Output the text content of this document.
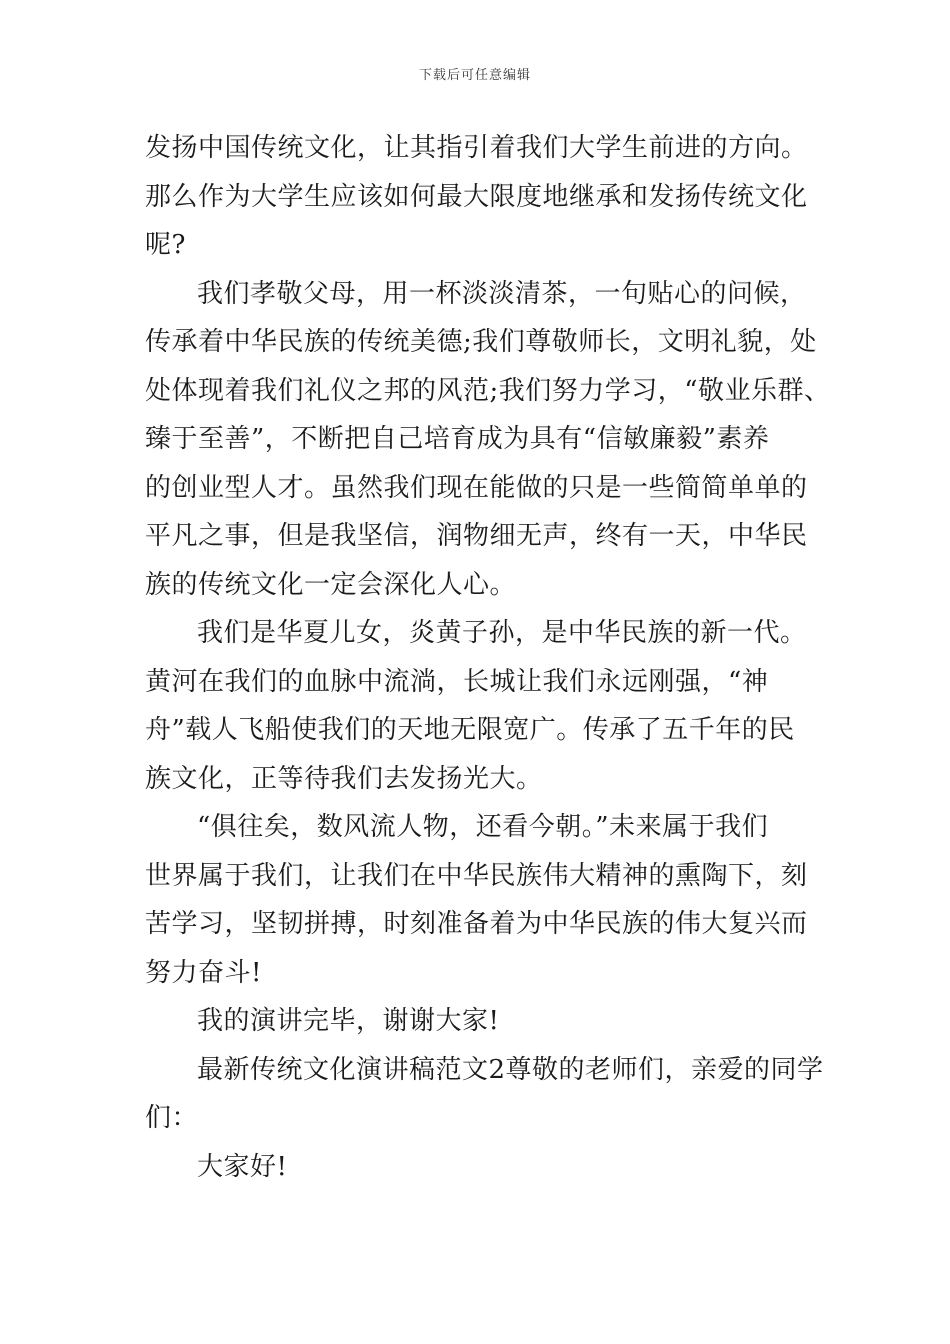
下载后可任意编辑

发扬中国传统文化，让其指引着我们大学生前进的方向。
那么作为大学生应该如何最大限度地继承和发扬传统文化
呢?

我们孝敬父母，用一杯淡淡清茶，一句贴心的问候，
传承着中华民族的传统美德;我们尊敬师长，文明礼貌，处
处体现着我们礼仪之邦的风范;我们努力学习，“敬业乐群、
臻于至善”，不断把自己培育成为具有“信敏廉毅”素养
的创业型人才。虽然我们现在能做的只是一些简简单单的
平凡之事，但是我坚信，润物细无声，终有一天，中华民
族的传统文化一定会深化人心。

我们是华夏儿女，炎黄子孙，是中华民族的新一代。
黄河在我们的血脉中流淌，长城让我们永远刚强，“神
舟”载人飞船使我们的天地无限宽广。传承了五千年的民
族文化，正等待我们去发扬光大。

“俱往矣，数风流人物，还看今朝。”未来属于我们
世界属于我们，让我们在中华民族伟大精神的熏陶下，刻
苦学习，坚韧拼搏，时刻准备着为中华民族的伟大复兴而
努力奋斗!

我的演讲完毕，谢谢大家!

最新传统文化演讲稿范文2尊敬的老师们，亲爱的同学
们：

大家好!
